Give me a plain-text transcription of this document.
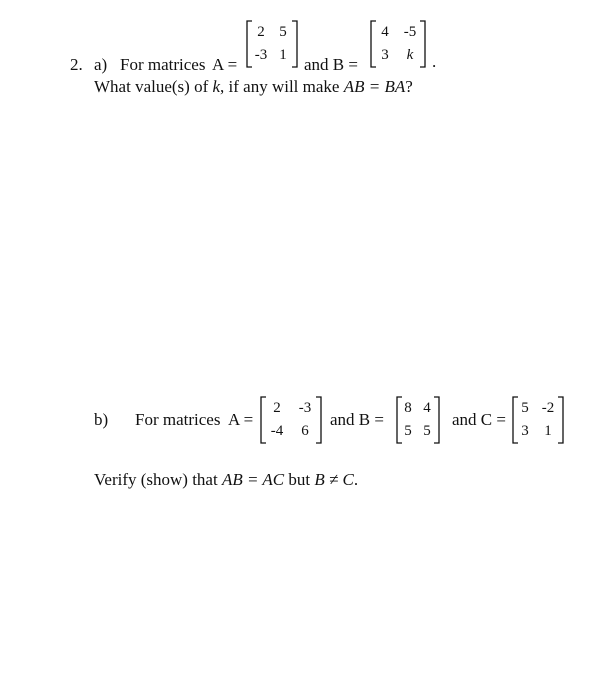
2. a) For matrices A =
2 5
-3 1	and B =
4	-5
3	k	.
What value(s) of k, if any will make AB = BA?
b) For matrices A =
2	-3
-4	6
and B =
8 4
5 5
and C =
5 -2
3	1
Verify (show) that AB = AC but B ≠ C.
